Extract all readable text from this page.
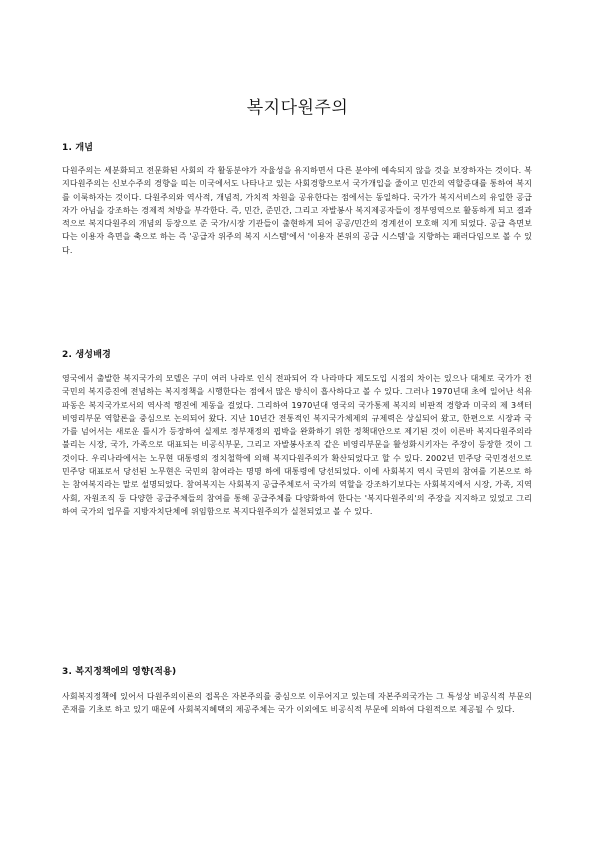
복지다원주의
1. 개념

다원주의는 세분화되고 전문화된 사회의 각 활동분야가 자율성을 유지하면서 다른 분야에 예속되지 않을 것을 보장하자는 것이다. 복지다원주의는 신보수주의 경향을 띠는 미국에서도 나타나고 있는 사회경향으로서 국가개입을 줄이고 민간의 역할증대를 통하여 복지를 이룩하자는 것이다. 다원주의와 역사적, 개념적, 가치적 차원을 공유한다는 점에서는 동일하다. 국가가 복지서비스의 유일한 공급자가 아님을 강조하는 경제적 처방을 부각한다. 즉, 민간, 준민간, 그리고 자발봉사 복지제공자들이 정부영역으로 활동하게 되고 결과적으로 복지다원주의 개념의 등장으로 준 국가/시장 기관들이 출현하게 되어 공공/민간의 경계선이 모호해 지게 되었다. 공급 측면보다는 이용자 측면을 축으로 하는 즉 '공급자 위주의 복지 시스템'에서 '이용자 본위의 공급 시스템'을 지향하는 패러다임으로 볼 수 있다.

2. 생성배경

영국에서 출발한 복지국가의 모델은 구미 여러 나라로 인식 전파되어 각 나라마다 제도도입 시점의 차이는 있으나 대체로 국가가 전 국민의 복지증진에 전념하는 복지정책을 시행한다는 점에서 많은 방식이 흡사하다고 볼 수 있다. 그러나 1970년대 초에 일어난 석유파동은 복지국가로서의 역사적 행진에 제동을 걸었다. 그리하여 1970년대 영국의 국가통제 복지의 비판적 경향과 미국의 제 3섹터 비영리부문 역할론을 중심으로 논의되어 왔다. 지난 10년간 전통적인 복지국가체제의 규제력은 상실되어 왔고, 한편으로 시장과 국가를 넘어서는 새로운 틀시가 등장하여 실제로 정부재정의 핍박을 완화하기 위한 정책대안으로 제기된 것이 이른바 복지다원주의라 불리는 시장, 국가, 가족으로 대표되는 비공식부문, 그리고 자발봉사조직 같은 비영리부문을 활성화시키자는 주장이 등장한 것이 그것이다. 우리나라에서는 노무현 대통령의 정치철학에 의해 복지다원주의가 확산되었다고 할 수 있다. 2002년 민주당 국민경선으로 민주당 대표로서 당선된 노무현은 국민의 참여라는 명명 하에 대통령에 당선되었다. 이에 사회복지 역시 국민의 참여를 기본으로 하는 참여복지라는 말로 설명되었다. 참여복지는 사회복지 공급주체로서 국가의 역할을 강조하기보다는 사회복지에서 시장, 가족, 지역사회, 자원조직 등 다양한 공급주체들의 참여를 통해 공급주체를 다양화하여 한다는 '복지다원주의'의 주장을 지지하고 있었고 그리하여 국가의 업무를 지방자치단체에 위임함으로 복지다원주의가 실천되었고 볼 수 있다.

3. 복지정책에의 영향(적용)

사회복지정책에 있어서 다원주의이론의 접목은 자본주의를 중심으로 이루어지고 있는데 자본주의국가는 그 특성상 비공식적 부문의 존재를 기초로 하고 있기 때문에 사회복지혜택의 제공주체는 국가 이외에도 비공식적 부문에 의하여 다원적으로 제공될 수 있다.
